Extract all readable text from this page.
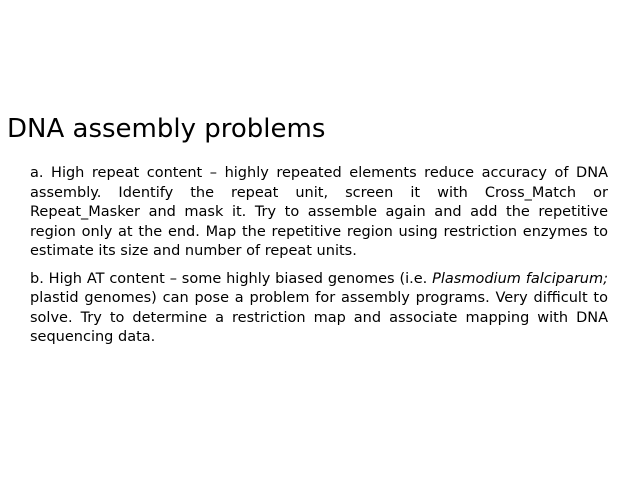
DNA assembly problems

a. High repeat content – highly repeated elements reduce accuracy of DNA assembly. Identify the repeat unit, screen it with Cross_Match or Repeat_Masker and mask it. Try to assemble again and add the repetitive region only at the end. Map the repetitive region using restriction enzymes to estimate its size and number of repeat units.

b. High AT content – some highly biased genomes (i.e. Plasmodium falciparum; plastid genomes) can pose a problem for assembly programs. Very difficult to solve. Try to determine a restriction map and associate mapping with DNA sequencing data.
